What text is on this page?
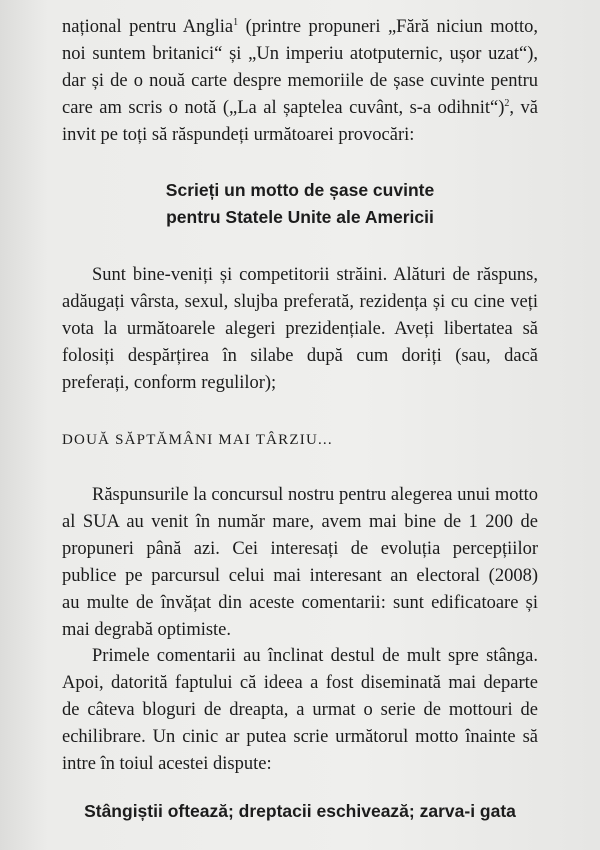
național pentru Anglia$^1$ (printre propuneri „Fără niciun motto,
noi suntem britanici“ și „Un imperiu atotputernic, ușor uzat“),
dar și de o nouă carte despre memoriile de șase cuvinte pentru
care am scris o notă („La al șaptelea cuvânt, s-a odihnit“)$^2$, vă
invit pe toți să răspundeți următoarei provocări:

Scrieți un motto de șase cuvinte
pentru Statele Unite ale Americii

Sunt bine-veniți și competitorii străini. Alături de răspuns,
adăugați vârsta, sexul, slujba preferată, rezidența și cu cine veți
vota la următoarele alegeri prezidențiale. Aveți libertatea să
folosiți despărțirea în silabe după cum doriți (sau, dacă
preferați, conform regulilor);

DOUĂ SĂPTĂMÂNI MAI TÂRZIU...

Răspunsurile la concursul nostru pentru alegerea unui motto
al SUA au venit în număr mare, avem mai bine de 1 200 de
propuneri până azi. Cei interesați de evoluția percepțiilor
publice pe parcursul celui mai interesant an electoral (2008)
au multe de învățat din aceste comentarii: sunt edificatoare și
mai degrabă optimiste.

Primele comentarii au înclinat destul de mult spre stânga.
Apoi, datorită faptului că ideea a fost diseminată mai departe
de câteva bloguri de dreapta, a urmat o serie de mottouri de
echilibrare. Un cinic ar putea scrie următorul motto înainte să
intre în toiul acestei dispute:

Stângiștii oftează; dreptacii eschivează; zarva-i gata
